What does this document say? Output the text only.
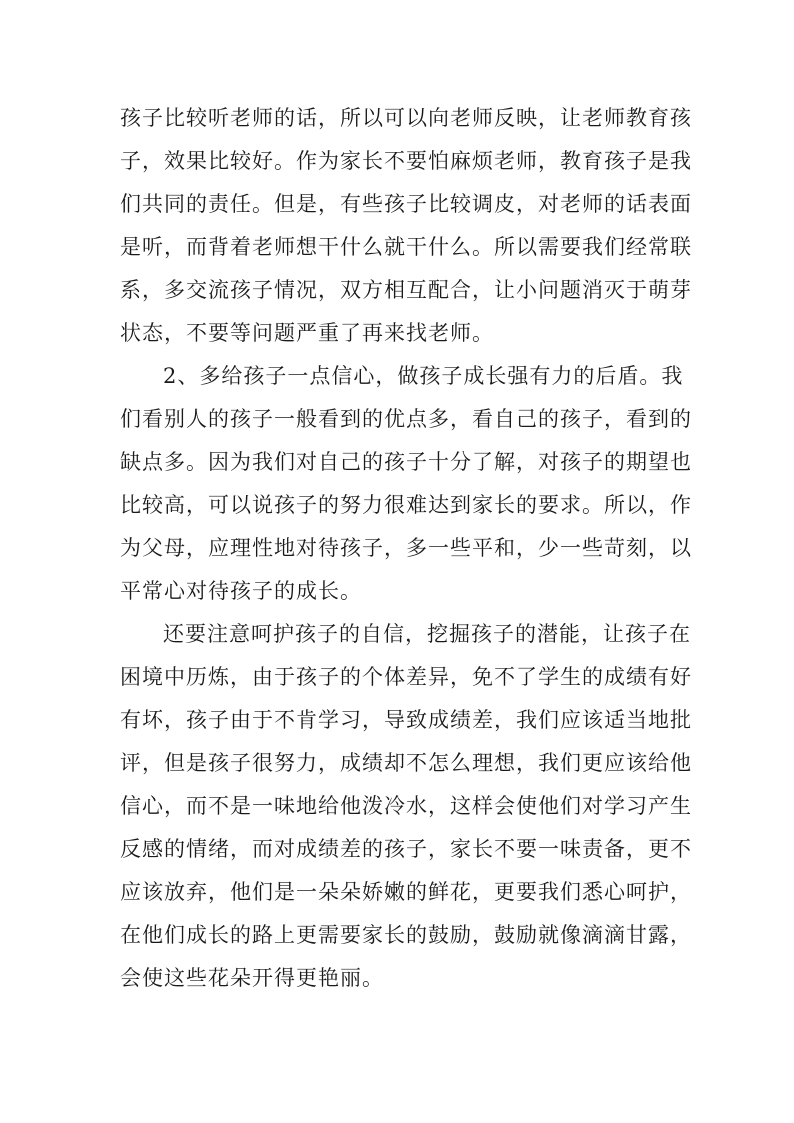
孩 子 比 较 听 老 师 的 话 ， 所 以 可 以 向 老 师 反 映 ， 让 老 师 教 育 孩
子 ， 效 果 比 较 好 。 作 为 家 长 不 要 怕 麻 烦 老 师 ， 教 育 孩 子 是 我
们 共 同 的 责 任 。 但 是 ， 有 些 孩 子 比 较 调 皮 ， 对 老 师 的 话 表 面
是 听 ， 而 背 着 老 师 想 干 什 么 就 干 什 么 。 所 以 需 要 我 们 经 常 联
系 ， 多 交 流 孩 子 情 况 ， 双 方 相 互 配 合 ， 让 小 问 题 消 灭 于 萌 芽
状态，不要等问题严重了再来找老师。
2 、 多 给 孩 子 一 点 信 心 ， 做 孩 子 成 长 强 有 力 的 后 盾 。 我
们 看 别 人 的 孩 子 一 般 看 到 的 优 点 多 ， 看 自 己 的 孩 子 ， 看 到 的
缺 点 多 。 因 为 我 们 对 自 己 的 孩 子 十 分 了 解 ， 对 孩 子 的 期 望 也
比 较 高 ， 可 以 说 孩 子 的 努 力 很 难 达 到 家 长 的 要 求 。 所 以 ， 作
为 父 母 ， 应 理 性 地 对 待 孩 子 ， 多 一 些 平 和 ， 少 一 些 苛 刻 ， 以
平常心对待孩子的成长。
还 要 注 意 呵 护 孩 子 的 自 信 ， 挖 掘 孩 子 的 潜 能 ， 让 孩 子 在
困 境 中 历 炼 ， 由 于 孩 子 的 个 体 差 异 ， 免 不 了 学 生 的 成 绩 有 好
有 坏 ， 孩 子 由 于 不 肯 学 习 ， 导 致 成 绩 差 ， 我 们 应 该 适 当 地 批
评 ， 但 是 孩 子 很 努 力 ， 成 绩 却 不 怎 么 理 想 ， 我 们 更 应 该 给 他
信 心 ， 而 不 是 一 味 地 给 他 泼 冷 水 ， 这 样 会 使 他 们 对 学 习 产 生
反 感 的 情 绪 ， 而 对 成 绩 差 的 孩 子 ， 家 长 不 要 一 味 责 备 ， 更 不
应 该 放 弃 ， 他 们 是 一 朵 朵 娇 嫩 的 鲜 花 ， 更 要 我 们 悉 心 呵 护 ，
在 他 们 成 长 的 路 上 更 需 要 家 长 的 鼓 励 ， 鼓 励 就 像 滴 滴 甘 露 ，
会使这些花朵开得更艳丽。
